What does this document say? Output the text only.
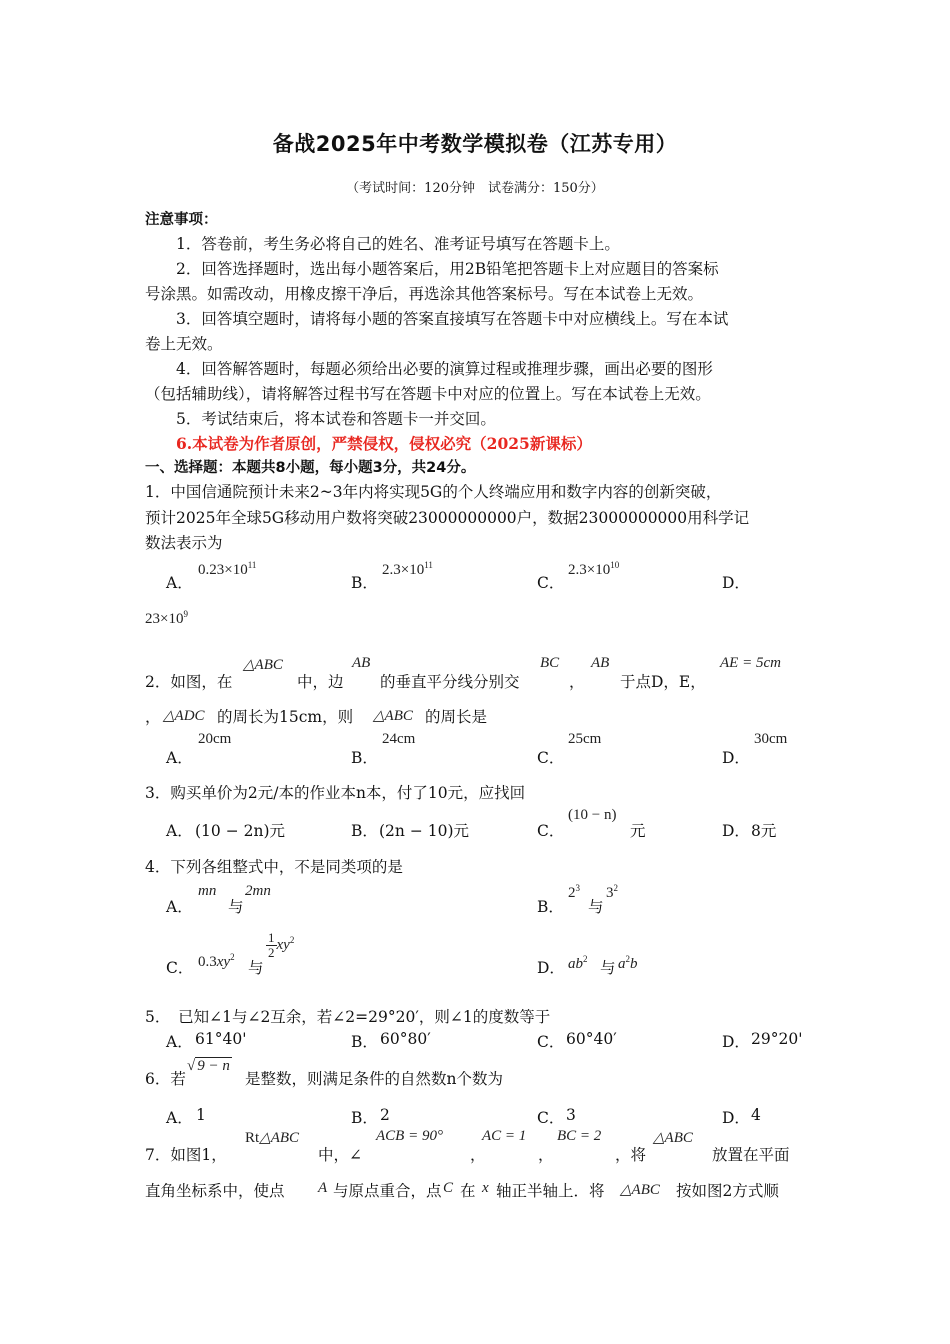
备战2025年中考数学模拟卷（江苏专用）
（考试时间：120分钟　试卷满分：150分）
注意事项：
1．答卷前，考生务必将自己的姓名、准考证号填写在答题卡上。
2．回答选择题时，选出每小题答案后，用2B铅笔把答题卡上对应题目的答案标
号涂黑。如需改动，用橡皮擦干净后，再选涂其他答案标号。写在本试卷上无效。
3．回答填空题时，请将每小题的答案直接填写在答题卡中对应横线上。写在本试
卷上无效。
4．回答解答题时，每题必须给出必要的演算过程或推理步骤，画出必要的图形
（包括辅助线），请将解答过程书写在答题卡中对应的位置上。写在本试卷上无效。
5．考试结束后，将本试卷和答题卡一并交回。
6.本试卷为作者原创，严禁侵权，侵权必究（2025新课标）
一、选择题：本题共8小题，每小题3分，共24分。
1．中国信通院预计未来2~3年内将实现5G的个人终端应用和数字内容的创新突破，
预计2025年全球5G移动用户数将突破23000000000户，数据23000000000用科学记
数法表示为
A．
$0.23\times 10^{11}$
B．
$2.3\times 10^{11}$
C．
$2.3\times 10^{10}$
D．
$23\times 10^9$
2．如图，在
△ABC
中，边
AB
的垂直平分线分别交
BC
，
AB
于点D，E，
AE = 5cm
， △ADC 的周长为15cm，则 △ABC 的周长是
A．
20cm
B．
24cm
C．
25cm
D．
30cm
3．购买单价为2元/本的作业本n本，付了10元，应找回
A． (10 − 2n)元	B． (2n − 10)元	C．
(10 − n)
元	D． 8元
4．下列各组整式中，不是同类项的是
A．
mn
与
2mn
B．
$2^3$
与
$3^2$
C． $0.3xy^2$
与
$\frac{1}{2} xy^2$
D． $ab^2$ 与 $a^2b$
5．　已知∠1与∠2互余，若∠2=29°20′，则∠1的度数等于
A． 61°40'	B． 60°80′	C． 60°40′	D． 29°20'
6．若
√ 9 − n
是整数，则满足条件的自然数n个数为
A． 1	B． 2	C． 3	D． 4
7．如图1，
Rt△ABC
中，∠
ACB = 90°
，
AC = 1
，
BC = 2
，将
△ABC
放置在平面
直角坐标系中，使点 A 与原点重合，点 C 在 x 轴正半轴上．将 △ABC 按如图2方式顺
